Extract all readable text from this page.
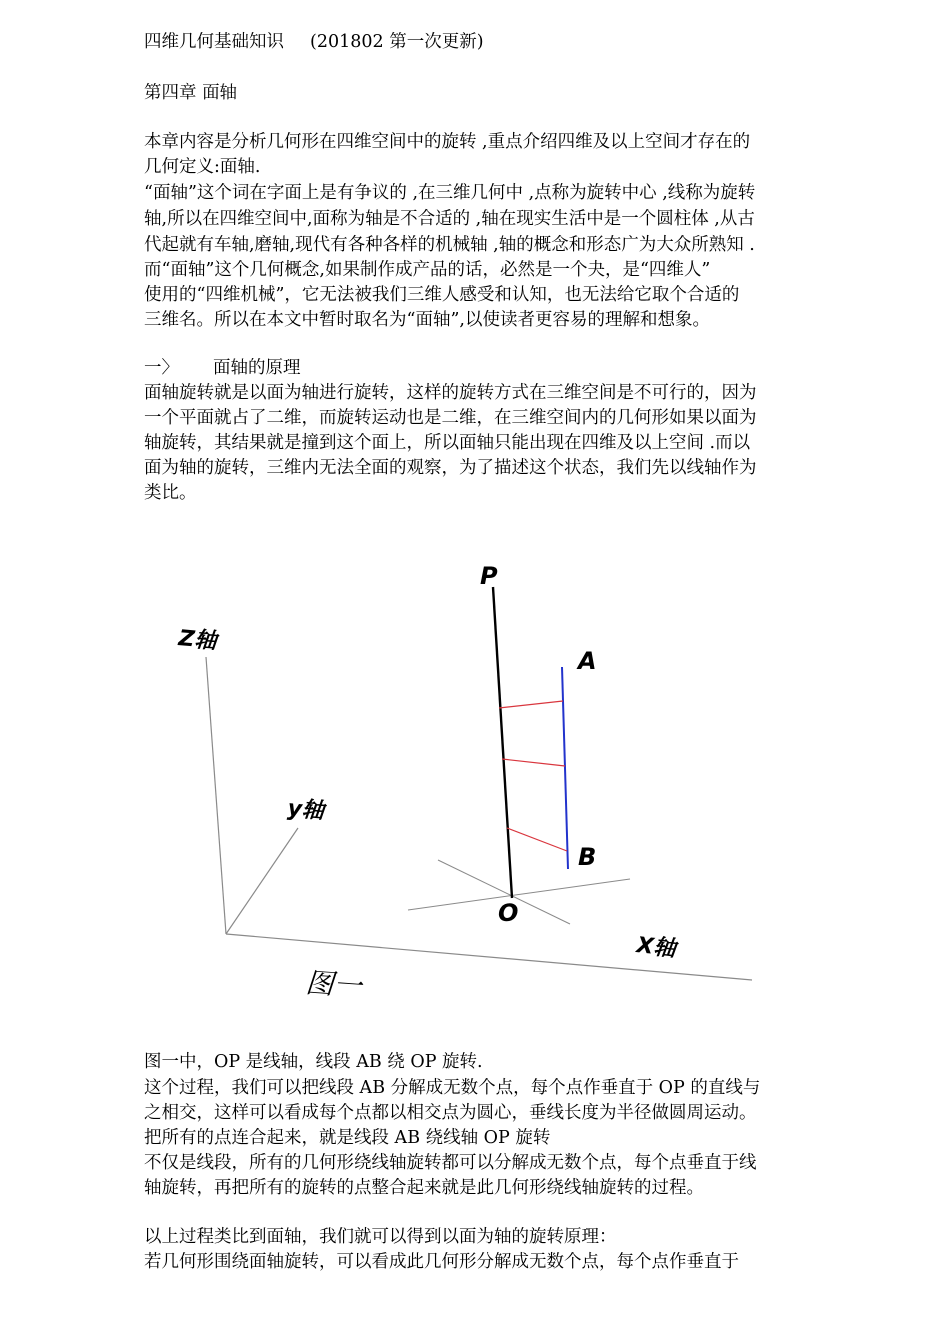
四维几何基础知识 (201802 第一次更新)
第四章 面轴
本章内容是分析几何形在四维空间中的旋转 ,重点介绍四维及以上空间才存在的
几何定义:面轴.
“面轴”这个词在字面上是有争议的 ,在三维几何中 ,点称为旋转中心 ,线称为旋转
轴,所以在四维空间中,面称为轴是不合适的 ,轴在现实生活中是一个圆柱体 ,从古
代起就有车轴,磨轴,现代有各种各样的机械轴 ,轴的概念和形态广为大众所熟知 .
而“面轴”这个几何概念,如果制作成产品的话，必然是一个夬，是“四维人”
使用的“四维机械”，它无法被我们三维人感受和认知，也无法给它取个合适的
三维名。所以在本文中暂时取名为“面轴”,以使读者更容易的理解和想象。
一〉 面轴的原理
面轴旋转就是以面为轴进行旋转，这样的旋转方式在三维空间是不可行的，因为
一个平面就占了二维，而旋转运动也是二维，在三维空间内的几何形如果以面为
轴旋转，其结果就是撞到这个面上，所以面轴只能出现在四维及以上空间 .而以
面为轴的旋转，三维内无法全面的观察，为了描述这个状态，我们先以线轴作为
类比。
P
A
B
O
Z轴
y轴
X轴
图一
图一中，OP 是线轴，线段 AB 绕 OP 旋转.
这个过程，我们可以把线段 AB 分解成无数个点，每个点作垂直于 OP 的直线与
之相交，这样可以看成每个点都以相交点为圆心，垂线长度为半径做圆周运动。
把所有的点连合起来，就是线段 AB 绕线轴 OP 旋转
不仅是线段，所有的几何形绕线轴旋转都可以分解成无数个点，每个点垂直于线
轴旋转，再把所有的旋转的点整合起来就是此几何形绕线轴旋转的过程。
以上过程类比到面轴，我们就可以得到以面为轴的旋转原理：
若几何形围绕面轴旋转，可以看成此几何形分解成无数个点，每个点作垂直于
